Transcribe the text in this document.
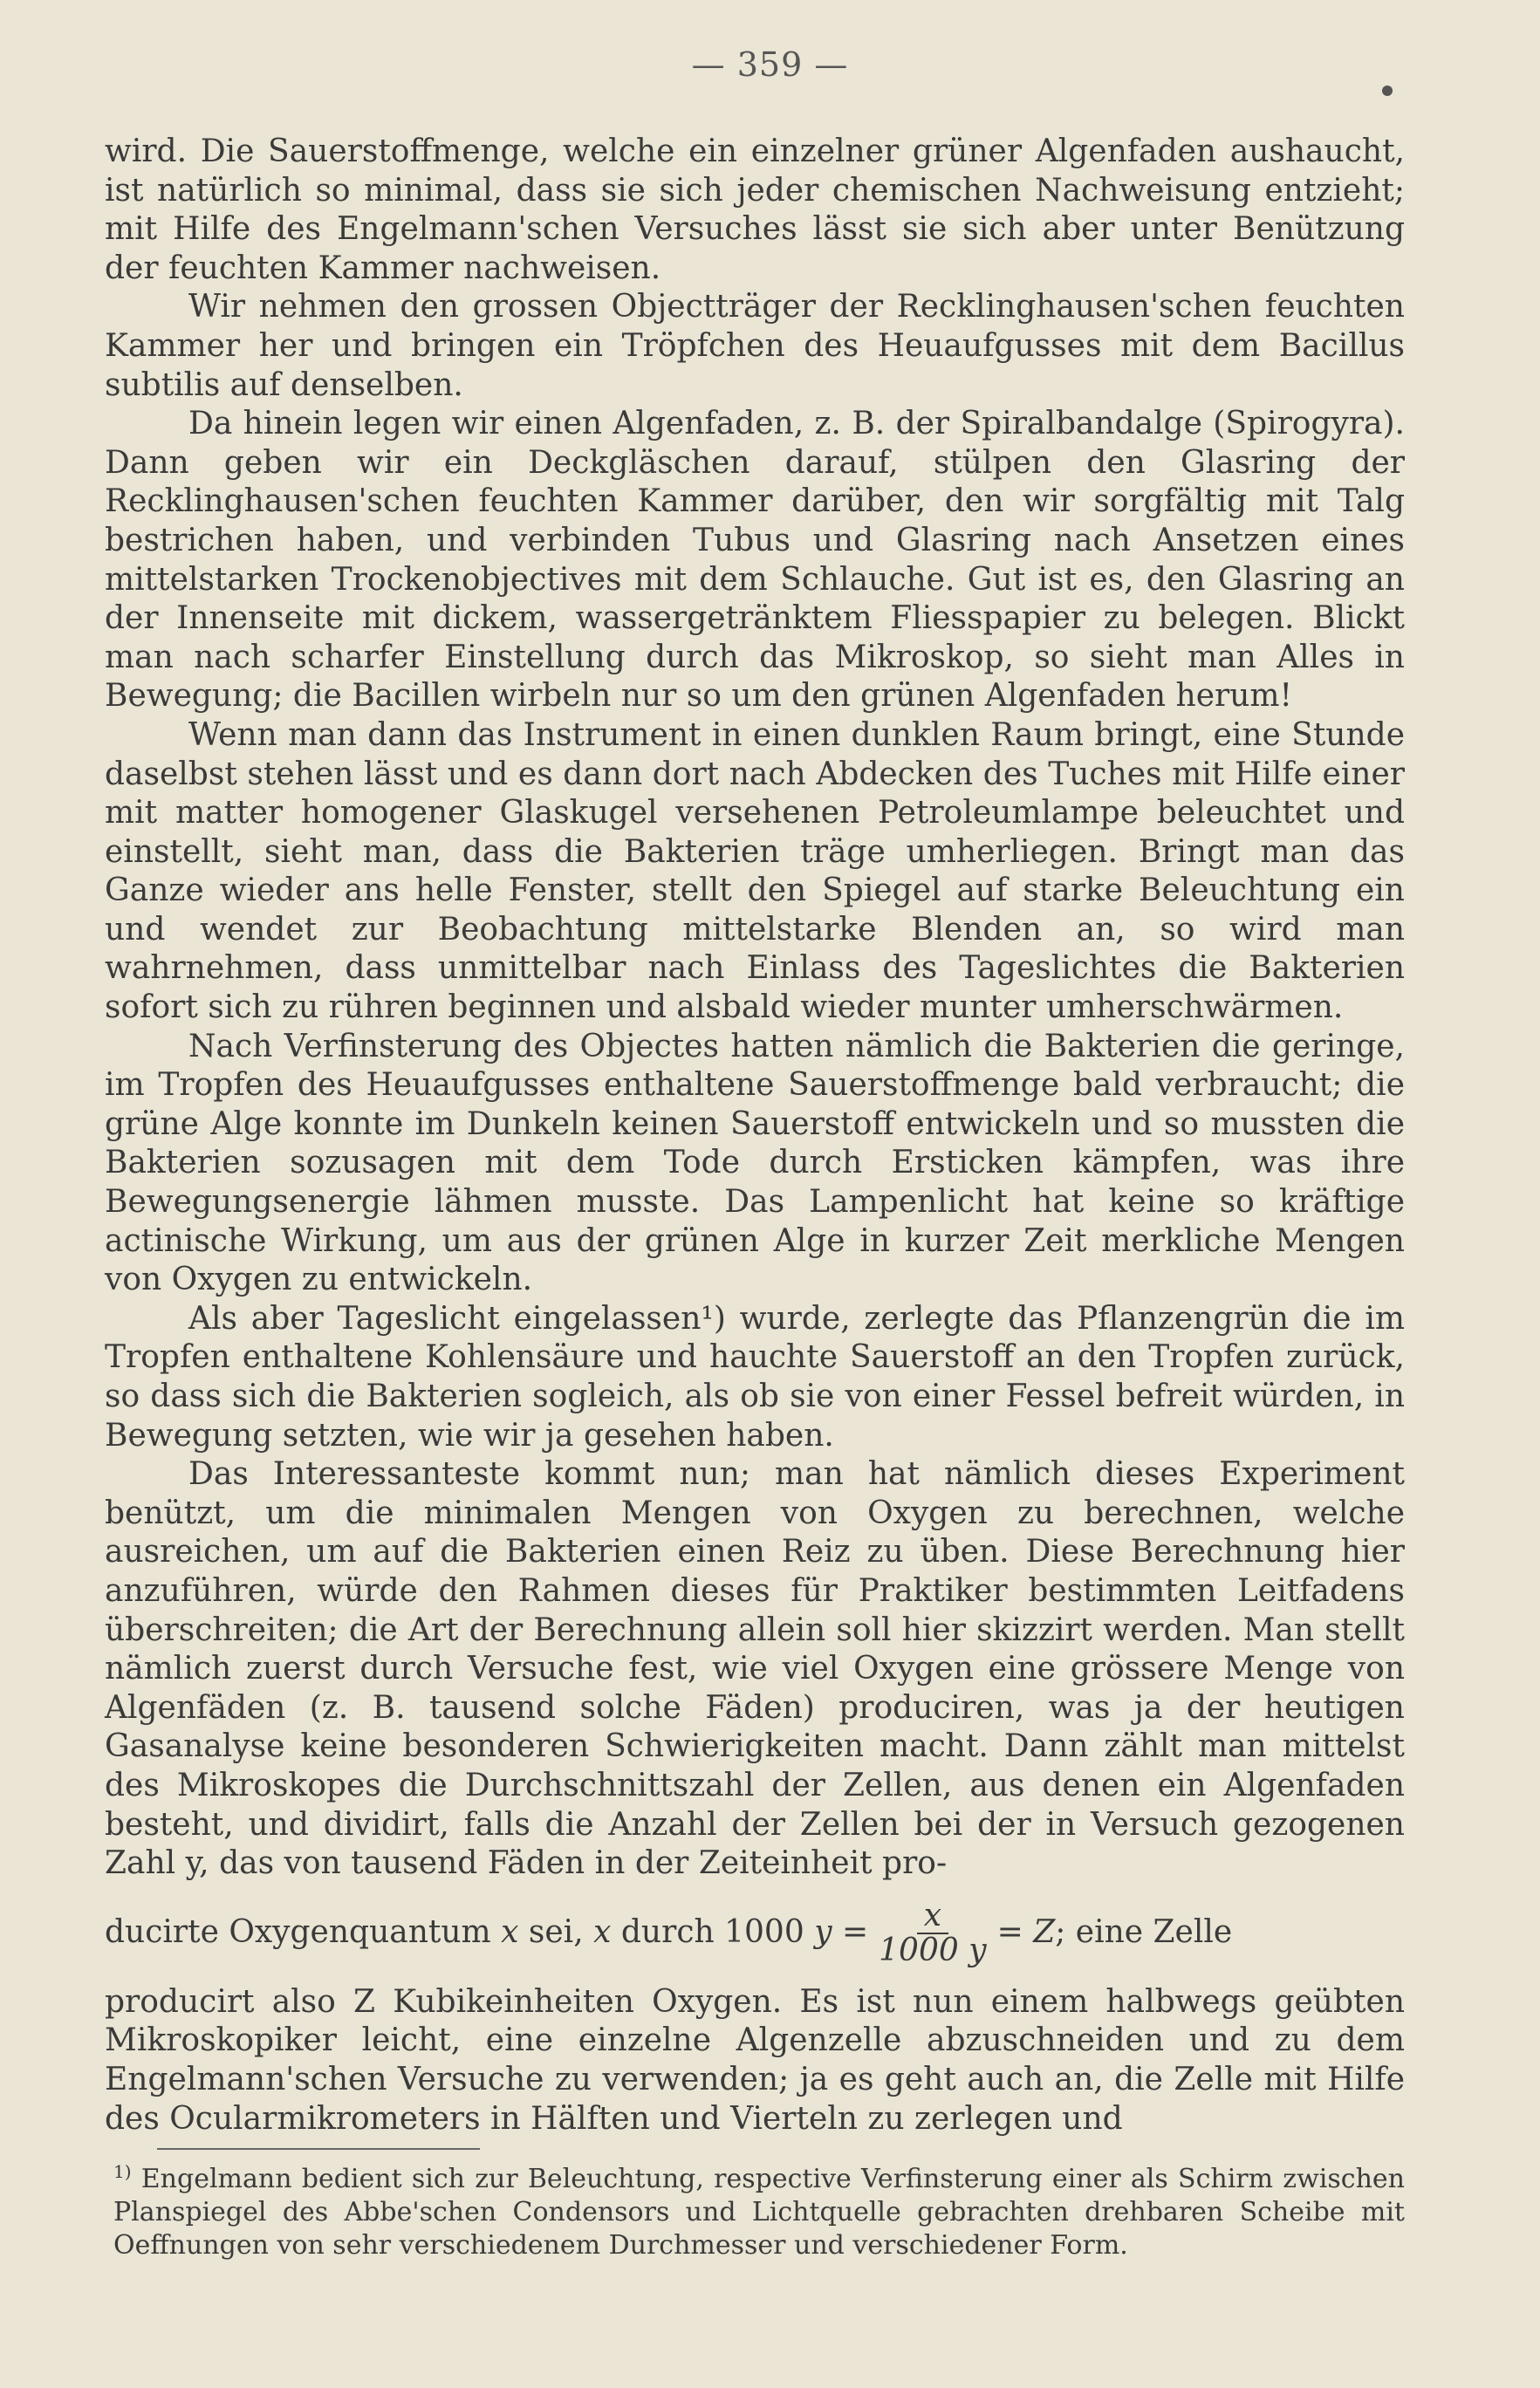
— 359 —

wird. Die Sauerstoffmenge, welche ein einzelner grüner Algenfaden aushaucht, ist natürlich so minimal, dass sie sich jeder chemischen Nachweisung entzieht; mit Hilfe des Engelmann'schen Versuches lässt sie sich aber unter Benützung der feuchten Kammer nachweisen.

Wir nehmen den grossen Objectträger der Recklinghausen'schen feuchten Kammer her und bringen ein Tröpfchen des Heuaufgusses mit dem Bacillus subtilis auf denselben.

Da hinein legen wir einen Algenfaden, z. B. der Spiralbandalge (Spirogyra). Dann geben wir ein Deckgläschen darauf, stülpen den Glasring der Recklinghausen'schen feuchten Kammer darüber, den wir sorgfältig mit Talg bestrichen haben, und verbinden Tubus und Glasring nach Ansetzen eines mittelstarken Trockenobjectives mit dem Schlauche. Gut ist es, den Glasring an der Innenseite mit dickem, wassergetränktem Fliesspapier zu belegen. Blickt man nach scharfer Einstellung durch das Mikroskop, so sieht man Alles in Bewegung; die Bacillen wirbeln nur so um den grünen Algenfaden herum!

Wenn man dann das Instrument in einen dunklen Raum bringt, eine Stunde daselbst stehen lässt und es dann dort nach Abdecken des Tuches mit Hilfe einer mit matter homogener Glaskugel versehenen Petroleumlampe beleuchtet und einstellt, sieht man, dass die Bakterien träge umherliegen. Bringt man das Ganze wieder ans helle Fenster, stellt den Spiegel auf starke Beleuchtung ein und wendet zur Beobachtung mittelstarke Blenden an, so wird man wahrnehmen, dass unmittelbar nach Einlass des Tageslichtes die Bakterien sofort sich zu rühren beginnen und alsbald wieder munter umherschwärmen.

Nach Verfinsterung des Objectes hatten nämlich die Bakterien die geringe, im Tropfen des Heuaufgusses enthaltene Sauerstoffmenge bald verbraucht; die grüne Alge konnte im Dunkeln keinen Sauerstoff entwickeln und so mussten die Bakterien sozusagen mit dem Tode durch Ersticken kämpfen, was ihre Bewegungsenergie lähmen musste. Das Lampenlicht hat keine so kräftige actinische Wirkung, um aus der grünen Alge in kurzer Zeit merkliche Mengen von Oxygen zu entwickeln.

Als aber Tageslicht eingelassen¹) wurde, zerlegte das Pflanzengrün die im Tropfen enthaltene Kohlensäure und hauchte Sauerstoff an den Tropfen zurück, so dass sich die Bakterien sogleich, als ob sie von einer Fessel befreit würden, in Bewegung setzten, wie wir ja gesehen haben.

Das Interessanteste kommt nun; man hat nämlich dieses Experiment benützt, um die minimalen Mengen von Oxygen zu berechnen, welche ausreichen, um auf die Bakterien einen Reiz zu üben. Diese Berechnung hier anzuführen, würde den Rahmen dieses für Praktiker bestimmten Leitfadens überschreiten; die Art der Berechnung allein soll hier skizzirt werden. Man stellt nämlich zuerst durch Versuche fest, wie viel Oxygen eine grössere Menge von Algenfäden (z. B. tausend solche Fäden) produciren, was ja der heutigen Gasanalyse keine besonderen Schwierigkeiten macht. Dann zählt man mittelst des Mikroskopes die Durchschnittszahl der Zellen, aus denen ein Algenfaden besteht, und dividirt, falls die Anzahl der Zellen bei der in Versuch gezogenen Zahl y, das von tausend Fäden in der Zeiteinheit pro-

ducirte Oxygenquantum
x
sei,
x
durch 1000
y
= $\frac{x}{1000 y}$ =
Z ; eine Zelle

producirt also Z Kubikeinheiten Oxygen. Es ist nun einem halbwegs geübten Mikroskopiker leicht, eine einzelne Algenzelle abzuschneiden und zu dem Engelmann'schen Versuche zu verwenden; ja es geht auch an, die Zelle mit Hilfe des Ocularmikrometers in Hälften und Vierteln zu zerlegen und

$^{1)}$ Engelmann bedient sich zur Beleuchtung, respective Verfinsterung einer als Schirm zwischen Planspiegel des Abbe'schen Condensors und Lichtquelle gebrachten drehbaren Scheibe mit Oeffnungen von sehr verschiedenem Durchmesser und verschiedener Form.
